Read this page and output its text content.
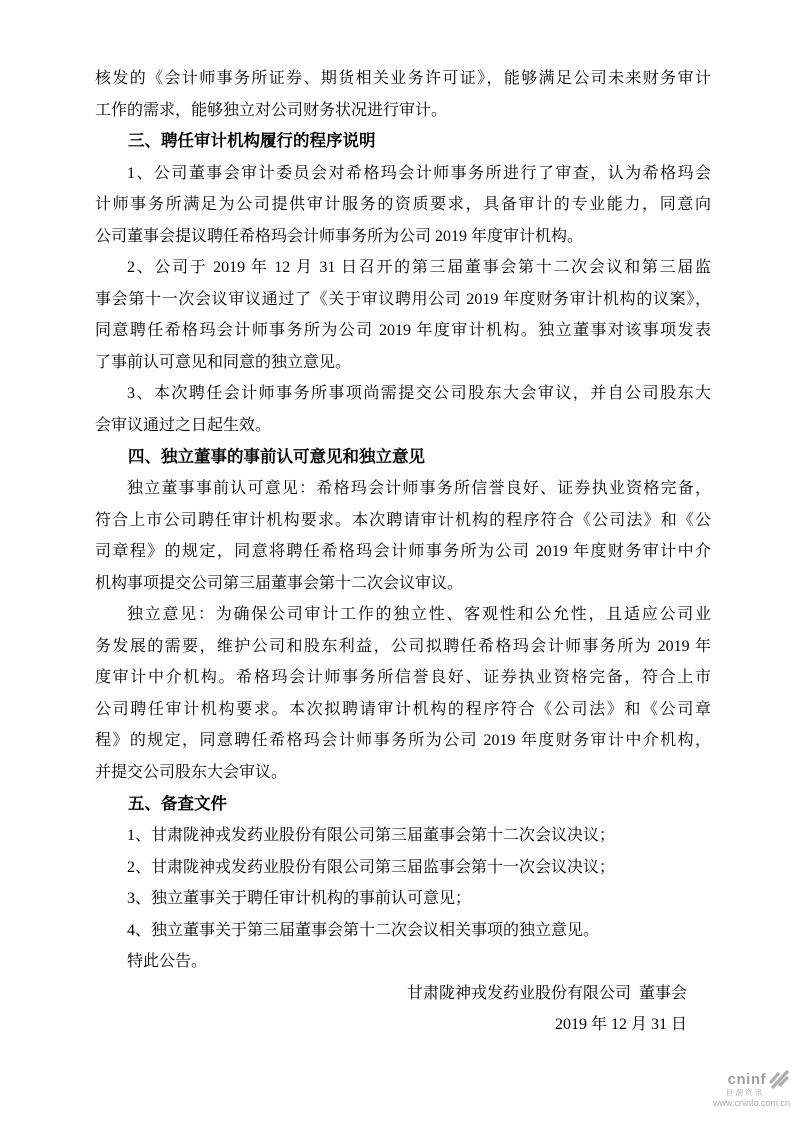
核发的《会计师事务所证券、期货相关业务许可证》，能够满足公司未来财务审计
工作的需求，能够独立对公司财务状况进行审计。
三、聘任审计机构履行的程序说明
1、公司董事会审计委员会对希格玛会计师事务所进行了审查，认为希格玛会
计师事务所满足为公司提供审计服务的资质要求，具备审计的专业能力，同意向
公司董事会提议聘任希格玛会计师事务所为公司 2019 年度审计机构。
2、公司于 2019 年 12 月 31 日召开的第三届董事会第十二次会议和第三届监
事会第十一次会议审议通过了《关于审议聘用公司 2019 年度财务审计机构的议案》，
同意聘任希格玛会计师事务所为公司 2019 年度审计机构。独立董事对该事项发表
了事前认可意见和同意的独立意见。
3、本次聘任会计师事务所事项尚需提交公司股东大会审议，并自公司股东大
会审议通过之日起生效。
四、独立董事的事前认可意见和独立意见
独立董事事前认可意见：希格玛会计师事务所信誉良好、证券执业资格完备，
符合上市公司聘任审计机构要求。本次聘请审计机构的程序符合《公司法》和《公
司章程》的规定，同意将聘任希格玛会计师事务所为公司 2019 年度财务审计中介
机构事项提交公司第三届董事会第十二次会议审议。
独立意见：为确保公司审计工作的独立性、客观性和公允性，且适应公司业
务发展的需要，维护公司和股东利益，公司拟聘任希格玛会计师事务所为 2019 年
度审计中介机构。希格玛会计师事务所信誉良好、证券执业资格完备，符合上市
公司聘任审计机构要求。本次拟聘请审计机构的程序符合《公司法》和《公司章
程》的规定，同意聘任希格玛会计师事务所为公司 2019 年度财务审计中介机构，
并提交公司股东大会审议。
五、备查文件
1、甘肃陇神戎发药业股份有限公司第三届董事会第十二次会议决议；
2、甘肃陇神戎发药业股份有限公司第三届监事会第十一次会议决议；
3、独立董事关于聘任审计机构的事前认可意见；
4、独立董事关于第三届董事会第十二次会议相关事项的独立意见。
特此公告。
甘肃陇神戎发药业股份有限公司  董事会
2019 年 12 月 31 日
cninf
巨潮资讯
www.cninfo.com.cn
